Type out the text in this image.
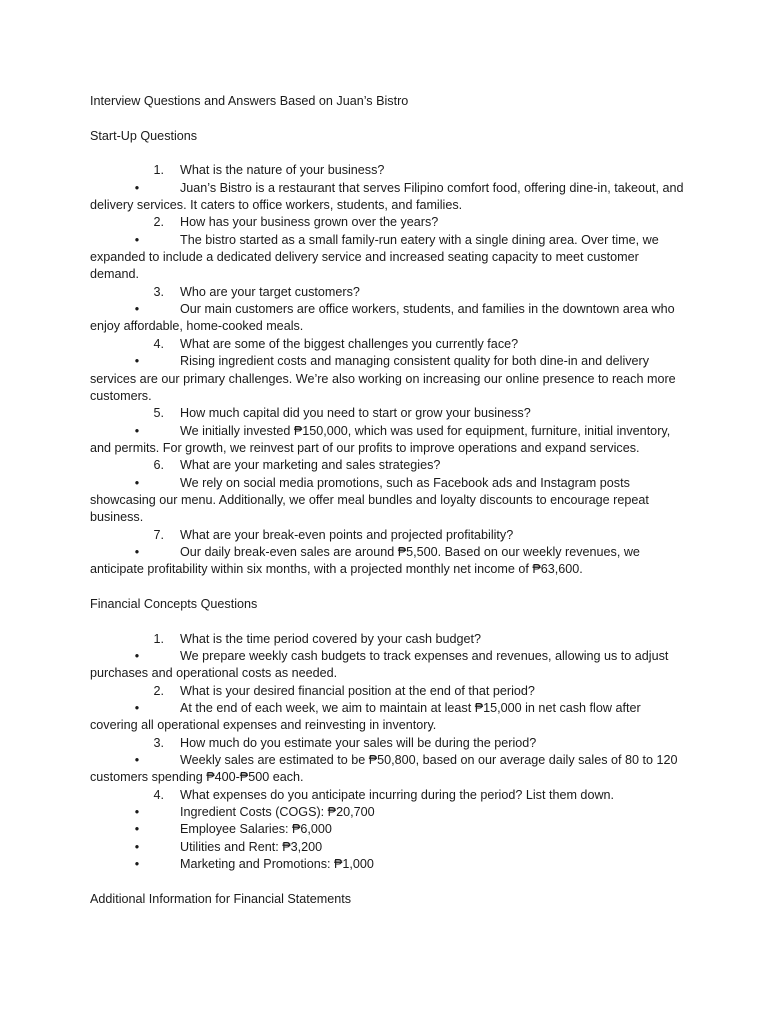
Interview Questions and Answers Based on Juan’s Bistro
Start-Up Questions
1. What is the nature of your business?
•	Juan’s Bistro is a restaurant that serves Filipino comfort food, offering dine-in, takeout, and delivery services. It caters to office workers, students, and families.
2. How has your business grown over the years?
•	The bistro started as a small family-run eatery with a single dining area. Over time, we expanded to include a dedicated delivery service and increased seating capacity to meet customer demand.
3. Who are your target customers?
•	Our main customers are office workers, students, and families in the downtown area who enjoy affordable, home-cooked meals.
4. What are some of the biggest challenges you currently face?
•	Rising ingredient costs and managing consistent quality for both dine-in and delivery services are our primary challenges. We’re also working on increasing our online presence to reach more customers.
5. How much capital did you need to start or grow your business?
•	We initially invested ₱150,000, which was used for equipment, furniture, initial inventory, and permits. For growth, we reinvest part of our profits to improve operations and expand services.
6. What are your marketing and sales strategies?
•	We rely on social media promotions, such as Facebook ads and Instagram posts showcasing our menu. Additionally, we offer meal bundles and loyalty discounts to encourage repeat business.
7. What are your break-even points and projected profitability?
•	Our daily break-even sales are around ₱5,500. Based on our weekly revenues, we anticipate profitability within six months, with a projected monthly net income of ₱63,600.
Financial Concepts Questions
1. What is the time period covered by your cash budget?
•	We prepare weekly cash budgets to track expenses and revenues, allowing us to adjust purchases and operational costs as needed.
2. What is your desired financial position at the end of that period?
•	At the end of each week, we aim to maintain at least ₱15,000 in net cash flow after covering all operational expenses and reinvesting in inventory.
3. How much do you estimate your sales will be during the period?
•	Weekly sales are estimated to be ₱50,800, based on our average daily sales of 80 to 120 customers spending ₱400-₱500 each.
4. What expenses do you anticipate incurring during the period? List them down.
•	Ingredient Costs (COGS): ₱20,700
•	Employee Salaries: ₱6,000
•	Utilities and Rent: ₱3,200
•	Marketing and Promotions: ₱1,000
Additional Information for Financial Statements
